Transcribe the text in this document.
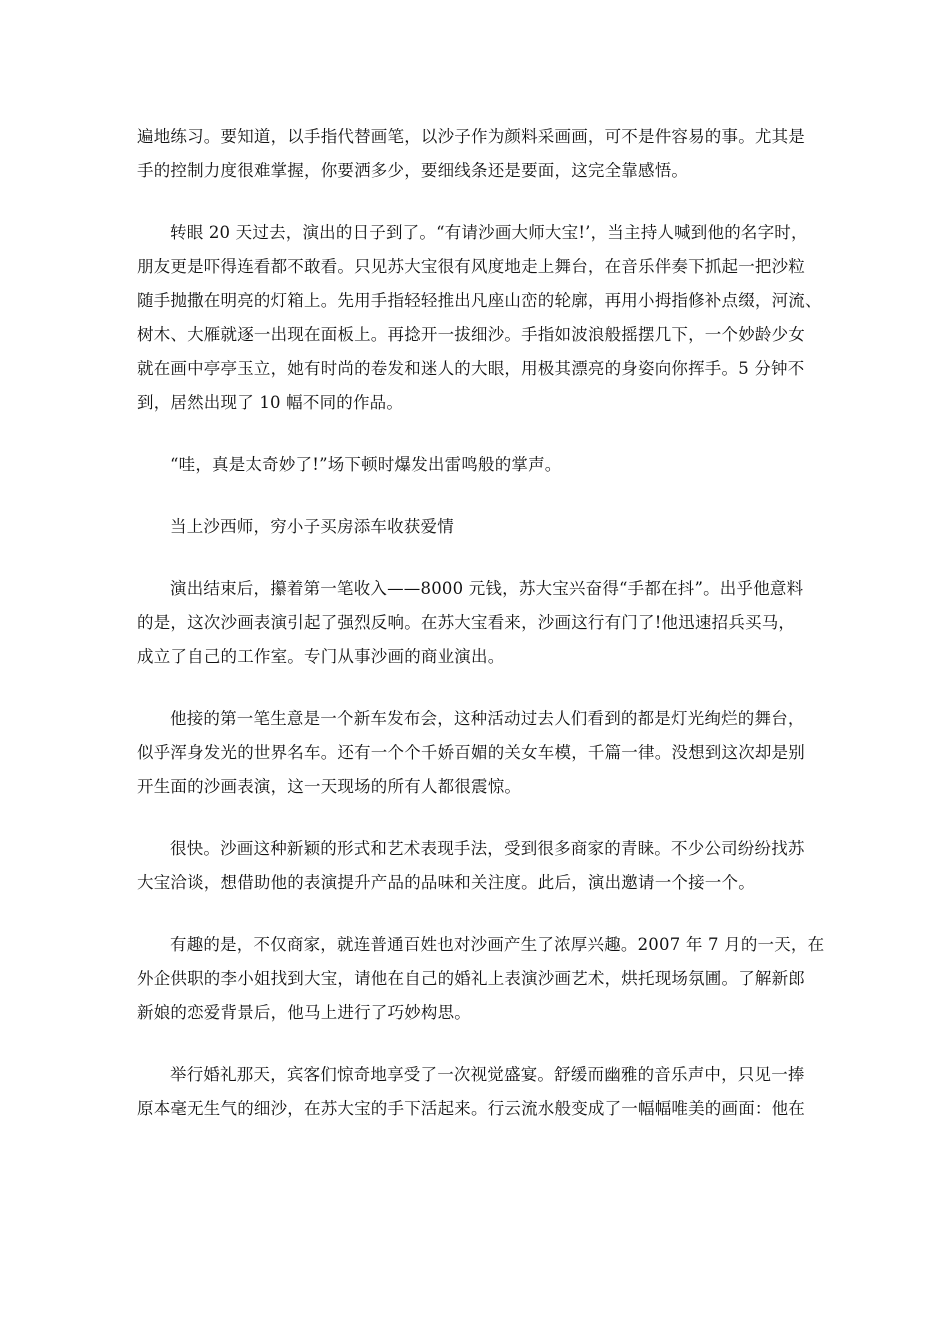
遍地练习。要知道，以手指代替画笔，以沙子作为颜料采画画，可不是件容易的事。尤其是
手的控制力度很难掌握，你要洒多少，要细线条还是要面，这完全靠感悟。

转眼 20 天过去，演出的日子到了。“有请沙画大师大宝!’，当主持人喊到他的名字时，
朋友更是吓得连看都不敢看。只见苏大宝很有风度地走上舞台，在音乐伴奏下抓起一把沙粒
随手抛撒在明亮的灯箱上。先用手指轻轻推出凡座山峦的轮廓，再用小拇指修补点缀，河流、
树木、大雁就逐一出现在面板上。再捻开一拔细沙。手指如波浪般摇摆几下，一个妙龄少女
就在画中亭亭玉立，她有时尚的卷发和迷人的大眼，用极其漂亮的身姿向你挥手。5 分钟不
到，居然出现了 10 幅不同的作品。

“哇，真是太奇妙了!”场下顿时爆发出雷鸣般的掌声。

当上沙西师，穷小子买房添车收获爱情

演出结束后，攥着第一笔收入——8000 元钱，苏大宝兴奋得“手都在抖”。出乎他意料
的是，这次沙画表演引起了强烈反响。在苏大宝看来，沙画这行有门了!他迅速招兵买马，
成立了自己的工作室。专门从事沙画的商业演出。

他接的第一笔生意是一个新车发布会，这种活动过去人们看到的都是灯光绚烂的舞台，
似乎浑身发光的世界名车。还有一个个千娇百媚的关女车模，千篇一律。没想到这次却是别
开生面的沙画表演，这一天现场的所有人都很震惊。

很快。沙画这种新颖的形式和艺术表现手法，受到很多商家的青睐。不少公司纷纷找苏
大宝洽谈，想借助他的表演提升产品的品味和关注度。此后，演出邀请一个接一个。

有趣的是，不仅商家，就连普通百姓也对沙画产生了浓厚兴趣。2007 年 7 月的一天，在
外企供职的李小姐找到大宝，请他在自己的婚礼上表演沙画艺术，烘托现场氛圃。了解新郎
新娘的恋爱背景后，他马上进行了巧妙构思。

举行婚礼那天，宾客们惊奇地享受了一次视觉盛宴。舒缓而幽雅的音乐声中，只见一捧
原本毫无生气的细沙，在苏大宝的手下活起来。行云流水般变成了一幅幅唯美的画面：他在
